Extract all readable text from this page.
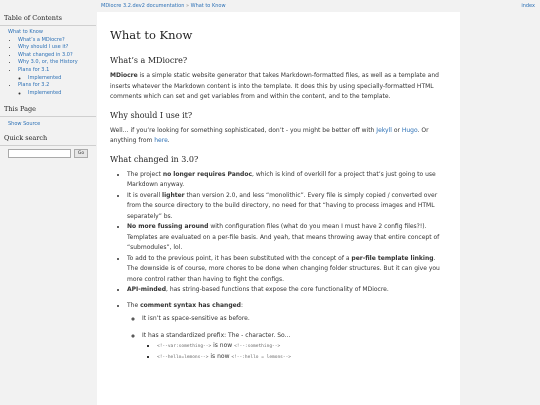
MDiocre 3.2.dev2 documentation » What to Know	index
Table of Contents
What to Know
• What’s a MDiocre?
• Why should I use it?
• What changed in 3.0?
• Why 3.0, or, the History
• Plans for 3.1
◦ Implemented
• Plans for 3.2
◦ Implemented
This Page
Show Source
Quick search
Go
What to Know
What’s a MDiocre?

MDiocre is a simple static website generator that takes Markdown-formatted files, as well as a template and inserts whatever the Markdown content is into the template. It does this by using specially-formatted HTML comments which can set and get variables from and within the content, and to the template.

Why should I use it?

Well… if you’re looking for something sophisticated, don’t - you might be better off with Jekyll or Hugo. Or anything from here.

What changed in 3.0?
• The project no longer requires Pandoc, which is kind of overkill for a project that’s just going to use Markdown anyway.
• It is overall lighter than version 2.0, and less “monolithic”. Every file is simply copied / converted over from the source directory to the build directory, no need for that “having to process images and HTML separately” bs.
• No more fussing around with configuration files (what do you mean I must have 2 config files?!). Templates are evaluated on a per-file basis. And yeah, that means throwing away that entire concept of “submodules”, lol.
• To add to the previous point, it has been substituted with the concept of a per-file template linking. The downside is of course, more chores to be done when changing folder structures. But it can give you more control rather than having to fight the configs.
• API-minded, has string-based functions that expose the core functionality of MDiocre.
• The comment syntax has changed:
◦ It isn’t as space-sensitive as before.
◦ It has a standardized prefix: The - character. So…
▪ <!--var:something--> is now <!--:something-->
▪ <!--hello=lemons--> is now <!--:hello = lemons-->
